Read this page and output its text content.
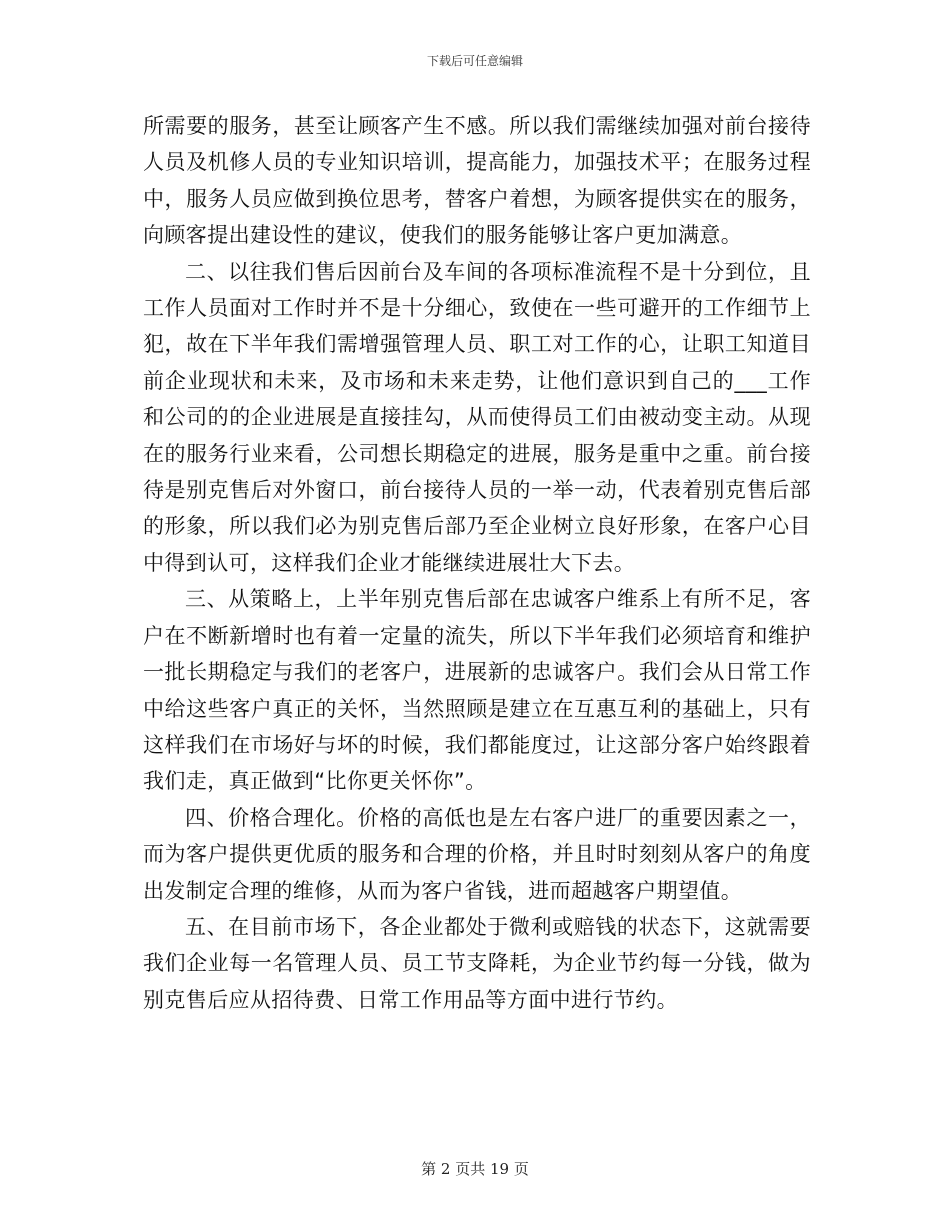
下载后可任意编辑

所需要的服务，甚至让顾客产生不感。所以我们需继续加强对前台接待人员及机修人员的专业知识培训，提高能力，加强技术平；在服务过程中，服务人员应做到换位思考，替客户着想，为顾客提供实在的服务，向顾客提出建设性的建议，使我们的服务能够让客户更加满意。

二、以往我们售后因前台及车间的各项标准流程不是十分到位，且工作人员面对工作时并不是十分细心，致使在一些可避开的工作细节上犯，故在下半年我们需增强管理人员、职工对工作的心，让职工知道目前企业现状和未来，及市场和未来走势，让他们意识到自己的___工作和公司的的企业进展是直接挂勾，从而使得员工们由被动变主动。从现在的服务行业来看，公司想长期稳定的进展，服务是重中之重。前台接待是别克售后对外窗口，前台接待人员的一举一动，代表着别克售后部的形象，所以我们必为别克售后部乃至企业树立良好形象，在客户心目中得到认可，这样我们企业才能继续进展壮大下去。

三、从策略上，上半年别克售后部在忠诚客户维系上有所不足，客户在不断新增时也有着一定量的流失，所以下半年我们必须培育和维护一批长期稳定与我们的老客户，进展新的忠诚客户。我们会从日常工作中给这些客户真正的关怀，当然照顾是建立在互惠互利的基础上，只有这样我们在市场好与坏的时候，我们都能度过，让这部分客户始终跟着我们走，真正做到“比你更关怀你”。

四、价格合理化。价格的高低也是左右客户进厂的重要因素之一，而为客户提供更优质的服务和合理的价格，并且时时刻刻从客户的角度出发制定合理的维修，从而为客户省钱，进而超越客户期望值。

五、在目前市场下，各企业都处于微利或赔钱的状态下，这就需要我们企业每一名管理人员、员工节支降耗，为企业节约每一分钱，做为别克售后应从招待费、日常工作用品等方面中进行节约。

第 2 页共 19 页
